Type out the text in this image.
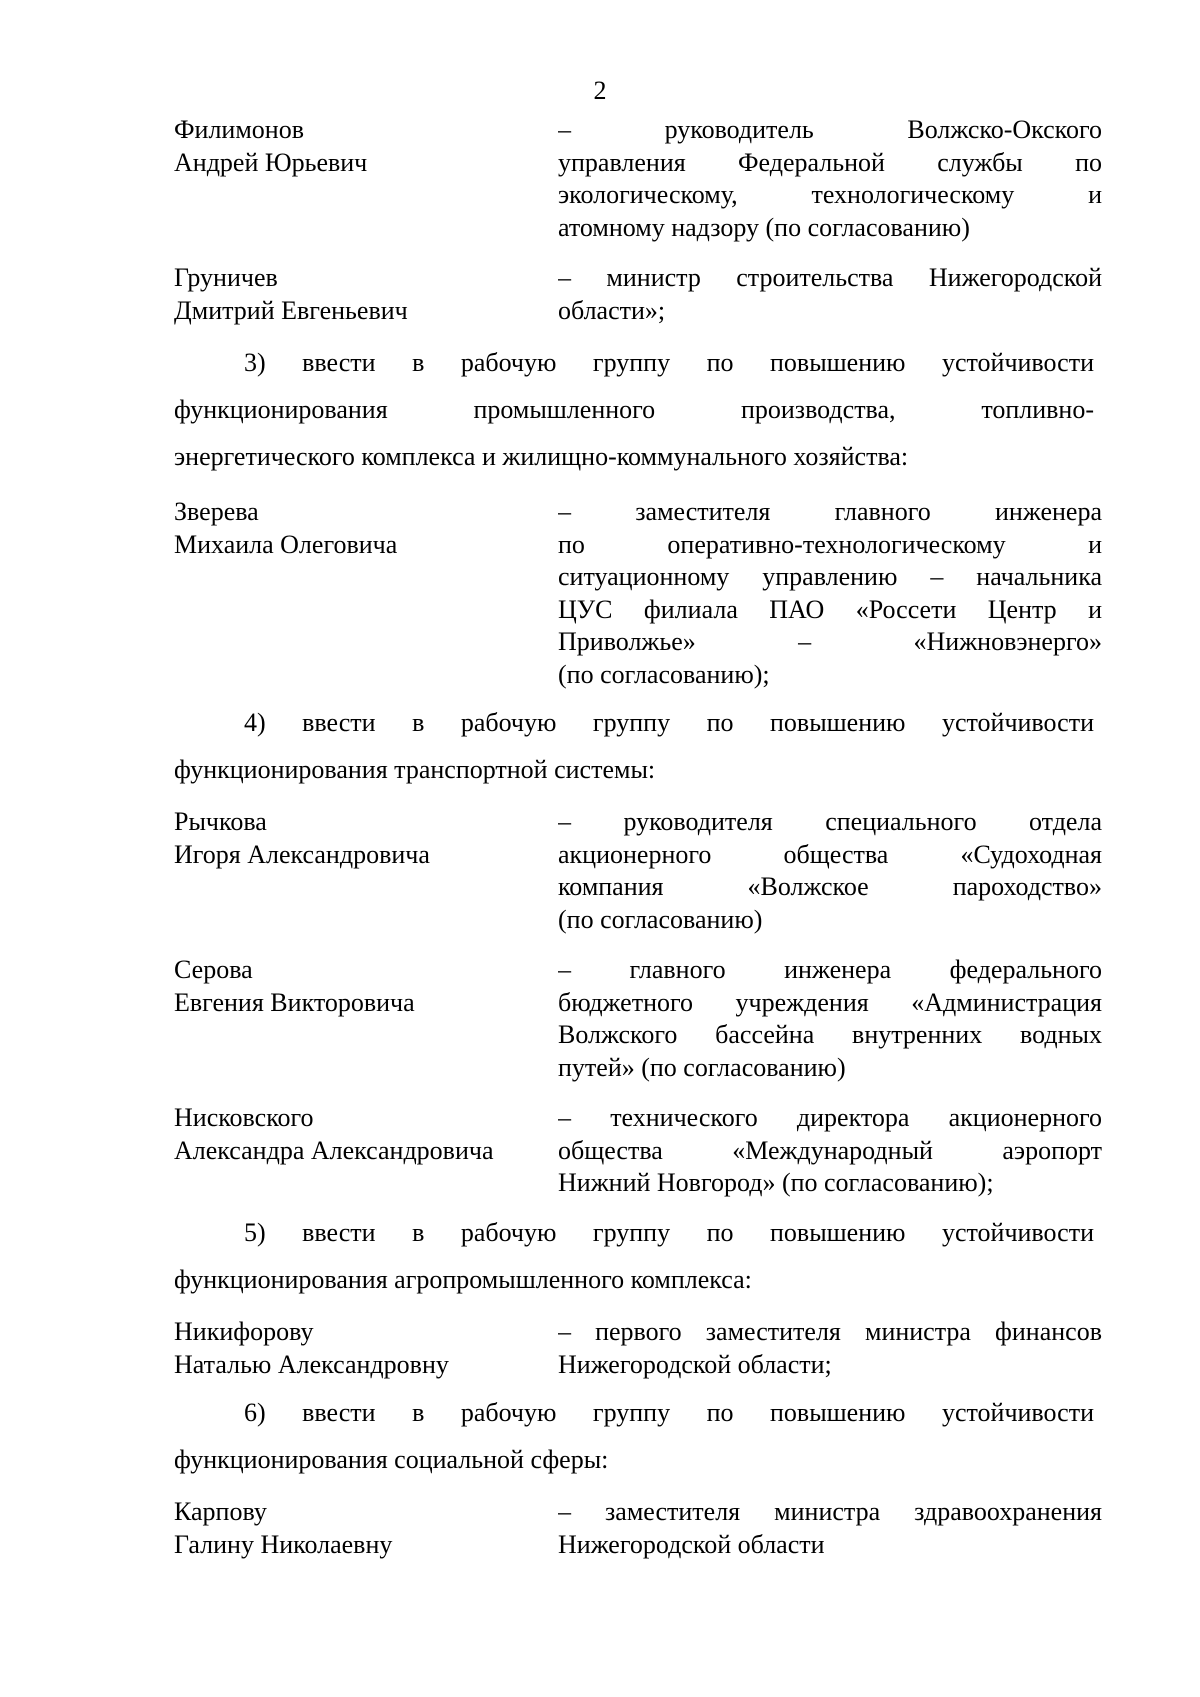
2
Филимонов
Андрей Юрьевич
– руководитель Волжско-Окского
управления Федеральной службы по
экологическому, технологическому и
атомному надзору (по согласованию)
Груничев
Дмитрий Евгеньевич
– министр строительства Нижегородской
области»;
3) ввести в рабочую группу по повышению устойчивости
функционирования промышленного производства, топливно-
энергетического комплекса и жилищно-коммунального хозяйства:
Зверева
Михаила Олеговича
– заместителя главного инженера
по оперативно-технологическому и
ситуационному управлению – начальника
ЦУС филиала ПАО «Россети Центр и
Приволжье» – «Нижновэнерго»
(по согласованию);
4) ввести в рабочую группу по повышению устойчивости
функционирования транспортной системы:
Рычкова
Игоря Александровича
– руководителя специального отдела
акционерного общества «Судоходная
компания «Волжское пароходство»
(по согласованию)
Серова
Евгения Викторовича
– главного инженера федерального
бюджетного учреждения «Администрация
Волжского бассейна внутренних водных
путей» (по согласованию)
Нисковского
Александра Александровича
– технического директора акционерного
общества «Международный аэропорт
Нижний Новгород» (по согласованию);
5) ввести в рабочую группу по повышению устойчивости
функционирования агропромышленного комплекса:
Никифорову
Наталью Александровну
– первого заместителя министра финансов
Нижегородской области;
6) ввести в рабочую группу по повышению устойчивости
функционирования социальной сферы:
Карпову
Галину Николаевну
– заместителя министра здравоохранения
Нижегородской области
